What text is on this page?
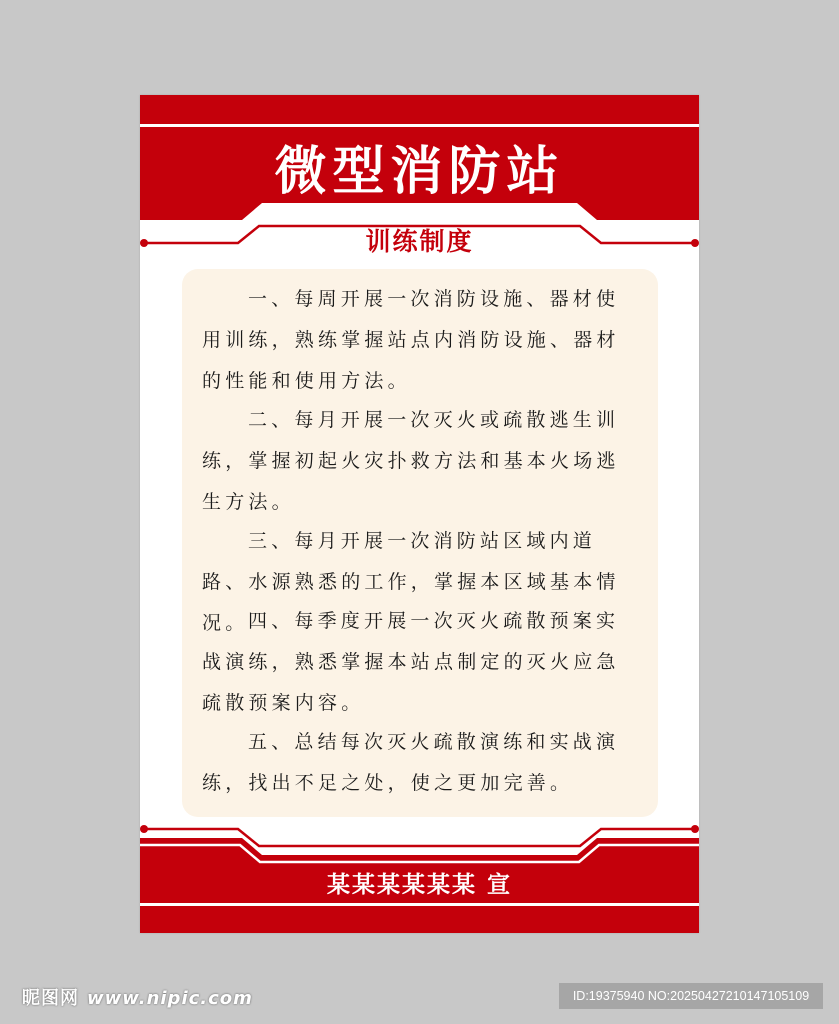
微型消防站
训练制度

一、每周开展一次消防设施、器材使用训练，熟练掌握站点内消防设施、器材的性能和使用方法。

二、每月开展一次灭火或疏散逃生训练，掌握初起火灾扑救方法和基本火场逃生方法。

三、每月开展一次消防站区域内道路、水源熟悉的工作，掌握本区域基本情况。 四、每季度开展一次灭火疏散预案实战演练，熟悉掌握本站点制定的灭火应急疏散预案内容。

五、总结每次灭火疏散演练和实战演练，找出不足之处，使之更加完善。

某某某某某某 宣
昵图网 www.nipic.com	ID:19375940 NO:20250427210147105109
